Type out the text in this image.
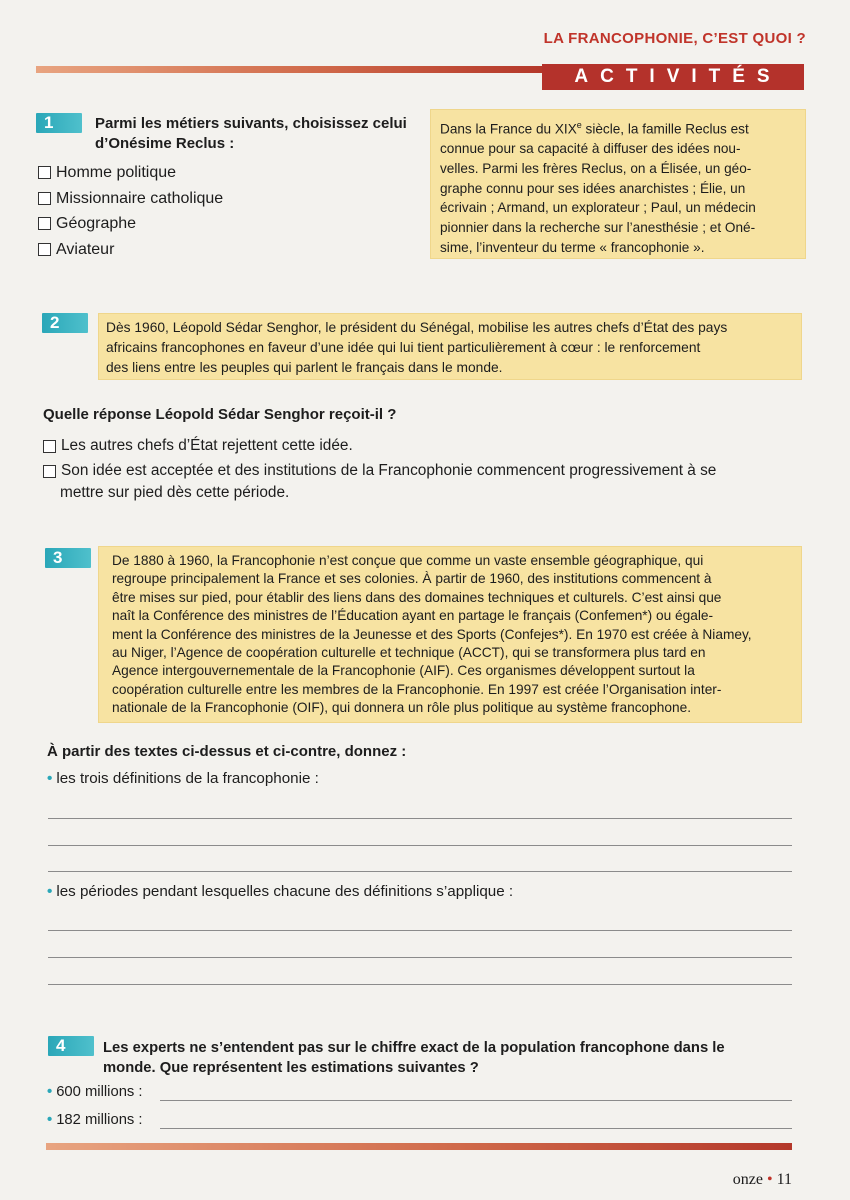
LA FRANCOPHONIE, C’EST QUOI ?
ACTIVITÉS
1	Parmi les métiers suivants, choisissez celui
d’Onésime Reclus :
Homme politique
Missionnaire catholique
Géographe
Aviateur
Dans la France du XIXe siècle, la famille Reclus est
connue pour sa capacité à diffuser des idées nou-
velles. Parmi les frères Reclus, on a Élisée, un géo-
graphe connu pour ses idées anarchistes ; Élie, un
écrivain ; Armand, un explorateur ; Paul, un médecin
pionnier dans la recherche sur l’anesthésie ; et Oné-
sime, l’inventeur du terme « francophonie ».
2	Dès 1960, Léopold Sédar Senghor, le président du Sénégal, mobilise les autres chefs d’État des pays
africains francophones en faveur d’une idée qui lui tient particulièrement à cœur : le renforcement
des liens entre les peuples qui parlent le français dans le monde.
Quelle réponse Léopold Sédar Senghor reçoit-il ?
Les autres chefs d’État rejettent cette idée.
Son idée est acceptée et des institutions de la Francophonie commencent progressivement à se
mettre sur pied dès cette période.
3	De 1880 à 1960, la Francophonie n’est conçue que comme un vaste ensemble géographique, qui
regroupe principalement la France et ses colonies. À partir de 1960, des institutions commencent à
être mises sur pied, pour établir des liens dans des domaines techniques et culturels. C’est ainsi que
naît la Conférence des ministres de l’Éducation ayant en partage le français (Confemen*) ou égale-
ment la Conférence des ministres de la Jeunesse et des Sports (Confejes*). En 1970 est créée à Niamey,
au Niger, l’Agence de coopération culturelle et technique (ACCT), qui se transformera plus tard en
Agence intergouvernementale de la Francophonie (AIF). Ces organismes développent surtout la
coopération culturelle entre les membres de la Francophonie. En 1997 est créée l’Organisation inter-
nationale de la Francophonie (OIF), qui donnera un rôle plus politique au système francophone.
À partir des textes ci-dessus et ci-contre, donnez :
• les trois définitions de la francophonie :
• les périodes pendant lesquelles chacune des définitions s’applique :
4	Les experts ne s’entendent pas sur le chiffre exact de la population francophone dans le
monde. Que représentent les estimations suivantes ?
• 600 millions :
• 182 millions :
onze • 11
